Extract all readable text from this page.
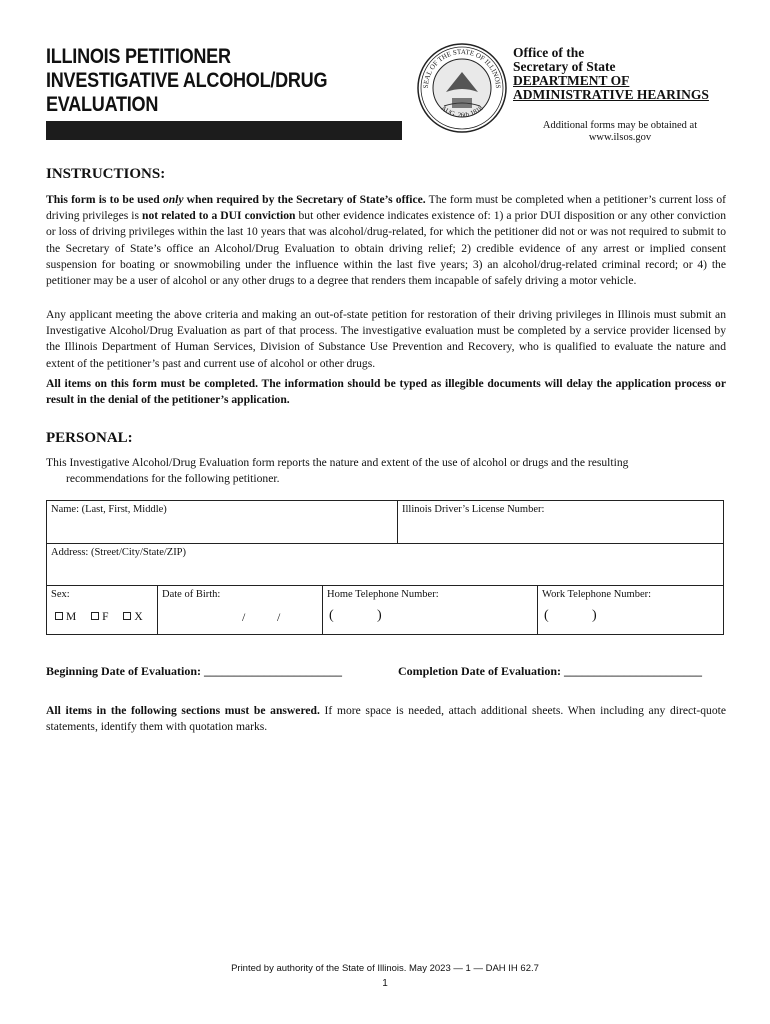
ILLINOIS PETITIONER
INVESTIGATIVE ALCOHOL/DRUG
EVALUATION
SEAL OF THE STATE OF ILLINOIS
AUG. 26th 1818
Office of the
Secretary of State
DEPARTMENT OF
ADMINISTRATIVE HEARINGS
Additional forms may be obtained at
www.ilsos.gov
INSTRUCTIONS:
This form is to be used only when required by the Secretary of State’s office. The form must be completed when a petitioner’s current loss of driving privileges is not related to a DUI conviction but other evidence indicates existence of: 1) a prior DUI disposition or any other conviction or loss of driving privileges within the last 10 years that was alcohol/drug-related, for which the petitioner did not or was not required to submit to the Secretary of State’s office an Alcohol/Drug Evaluation to obtain driving relief; 2) credible evidence of any arrest or implied consent suspension for boating or snowmobiling under the influence within the last five years; 3) an alcohol/drug-related criminal record; or 4) the petitioner may be a user of alcohol or any other drugs to a degree that renders them incapable of safely driving a motor vehicle.
Any applicant meeting the above criteria and making an out-of-state petition for restoration of their driving privileges in Illinois must submit an Investigative Alcohol/Drug Evaluation as part of that process. The investigative evaluation must be completed by a service provider licensed by the Illinois Department of Human Services, Division of Substance Use Prevention and Recovery, who is qualified to evaluate the nature and extent of the petitioner’s past and current use of alcohol or other drugs.
All items on this form must be completed. The information should be typed as illegible documents will delay the application process or result in the denial of the petitioner’s application.
PERSONAL:
This Investigative Alcohol/Drug Evaluation form reports the nature and extent of the use of alcohol or drugs and the resulting
recommendations for the following petitioner.
Name: (Last, First, Middle)	Illinois Driver’s License Number:
Address: (Street/City/State/ZIP)
Sex:
M F X
Date of Birth:
/	/
Home Telephone Number:
(	)
Work Telephone Number:
(	)
Beginning Date of Evaluation: _______________________	Completion Date of Evaluation: _______________________
All items in the following sections must be answered. If more space is needed, attach additional sheets. When including any direct-quote statements, identify them with quotation marks.
Printed by authority of the State of Illinois. May 2023 — 1 — DAH IH 62.7
1
